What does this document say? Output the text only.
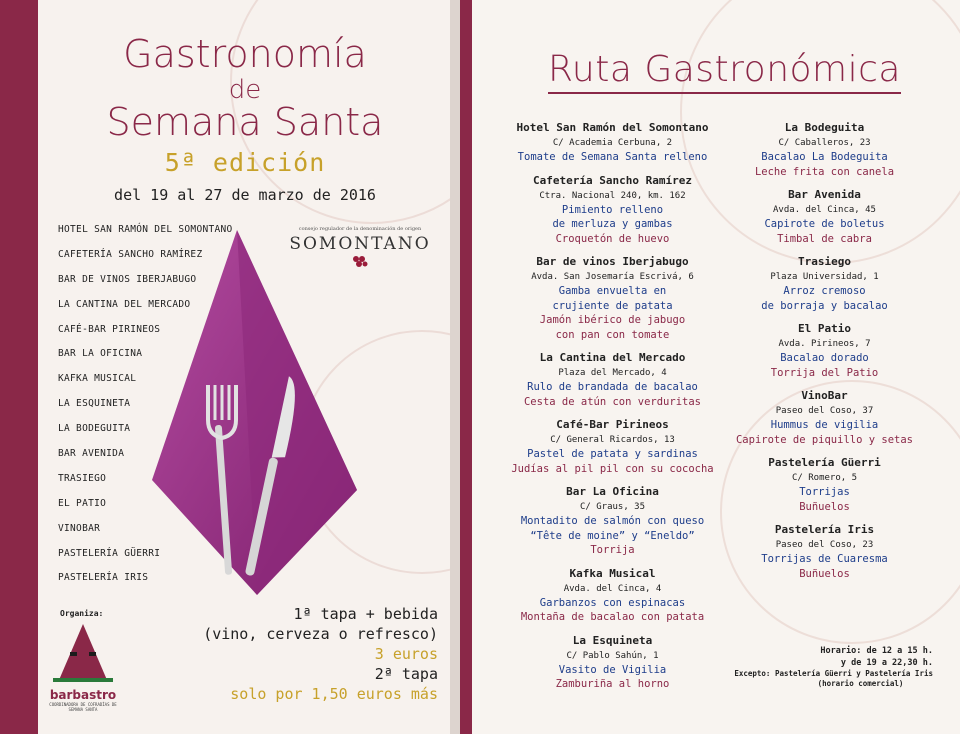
Gastronomía
de
Semana Santa
5ª edición
del 19 al 27 de marzo de 2016
HOTEL SAN RAMÓN DEL SOMONTANO
CAFETERÍA SANCHO RAMÍREZ
BAR DE VINOS IBERJABUGO
LA CANTINA DEL MERCADO
CAFÉ-BAR PIRINEOS
BAR LA OFICINA
KAFKA MUSICAL
LA ESQUINETA
LA BODEGUITA
BAR AVENIDA
TRASIEGO
EL PATIO
VINOBAR
PASTELERÍA GÜERRI
PASTELERÍA IRIS
consejo regulador de la denominación de origen
SOMONTANO
Organiza:
barbastro
COORDINADORA DE COFRADÍAS DE SEMANA SANTA
1ª tapa + bebida
(vino, cerveza o refresco)
3 euros
2ª tapa
solo por 1,50 euros más
Ruta Gastronómica
Hotel San Ramón del Somontano
C/ Academia Cerbuna, 2
Tomate de Semana Santa relleno
Cafetería Sancho Ramírez
Ctra. Nacional 240, km. 162
Pimiento relleno
de merluza y gambas
Croquetón de huevo
Bar de vinos Iberjabugo
Avda. San Josemaría Escrivá, 6
Gamba envuelta en
crujiente de patata
Jamón ibérico de jabugo
con pan con tomate
La Cantina del Mercado
Plaza del Mercado, 4
Rulo de brandada de bacalao
Cesta de atún con verduritas
Café-Bar Pirineos
C/ General Ricardos, 13
Pastel de patata y sardinas
Judías al pil pil con su cococha
Bar La Oficina
C/ Graus, 35
Montadito de salmón con queso
“Tête de moine” y “Eneldo”
Torrija
Kafka Musical
Avda. del Cinca, 4
Garbanzos con espinacas
Montaña de bacalao con patata
La Esquineta
C/ Pablo Sahún, 1
Vasito de Vigilia
Zamburiña al horno
La Bodeguita
C/ Caballeros, 23
Bacalao La Bodeguita
Leche frita con canela
Bar Avenida
Avda. del Cinca, 45
Capirote de boletus
Timbal de cabra
Trasiego
Plaza Universidad, 1
Arroz cremoso
de borraja y bacalao
El Patio
Avda. Pirineos, 7
Bacalao dorado
Torrija del Patio
VinoBar
Paseo del Coso, 37
Hummus de vigilia
Capirote de piquillo y setas
Pastelería Güerri
C/ Romero, 5
Torrijas
Buñuelos
Pastelería Iris
Paseo del Coso, 23
Torrijas de Cuaresma
Buñuelos
Horario: de 12 a 15 h.
y de 19 a 22,30 h.
Excepto: Pastelería Güerri y Pastelería Iris
(horario comercial)
